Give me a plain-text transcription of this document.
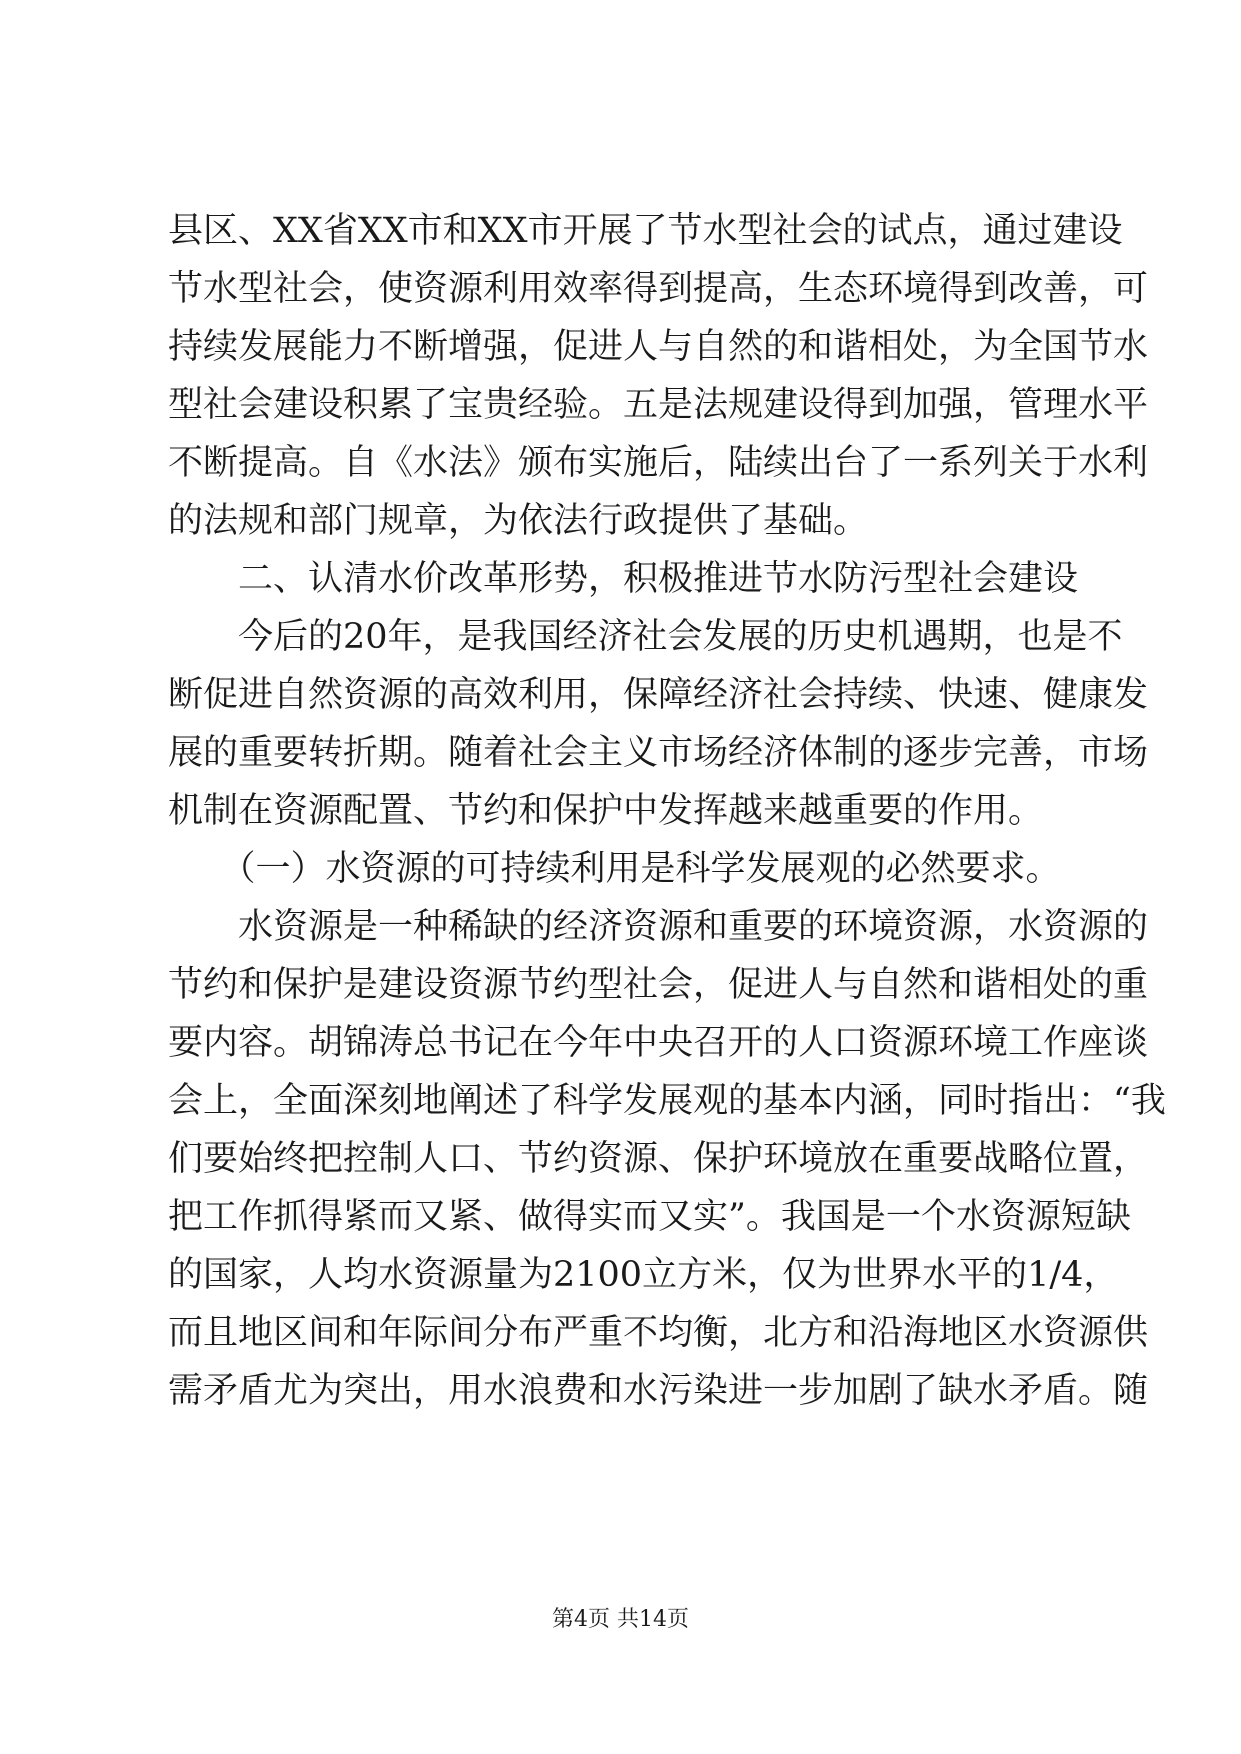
县区、XX省XX市和XX市开展了节水型社会的试点，通过建设
节水型社会，使资源利用效率得到提高，生态环境得到改善，可
持续发展能力不断增强，促进人与自然的和谐相处，为全国节水
型社会建设积累了宝贵经验。五是法规建设得到加强，管理水平
不断提高。自《水法》颁布实施后，陆续出台了一系列关于水利
的法规和部门规章，为依法行政提供了基础。
　　二、认清水价改革形势，积极推进节水防污型社会建设
　　今后的20年，是我国经济社会发展的历史机遇期，也是不
断促进自然资源的高效利用，保障经济社会持续、快速、健康发
展的重要转折期。随着社会主义市场经济体制的逐步完善，市场
机制在资源配置、节约和保护中发挥越来越重要的作用。
　　（一）水资源的可持续利用是科学发展观的必然要求。
　　水资源是一种稀缺的经济资源和重要的环境资源，水资源的
节约和保护是建设资源节约型社会，促进人与自然和谐相处的重
要内容。胡锦涛总书记在今年中央召开的人口资源环境工作座谈
会上，全面深刻地阐述了科学发展观的基本内涵，同时指出：“我
们要始终把控制人口、节约资源、保护环境放在重要战略位置，
把工作抓得紧而又紧、做得实而又实”。我国是一个水资源短缺
的国家，人均水资源量为2100立方米，仅为世界水平的1/4，
而且地区间和年际间分布严重不均衡，北方和沿海地区水资源供
需矛盾尤为突出，用水浪费和水污染进一步加剧了缺水矛盾。随
第4页 共14页
